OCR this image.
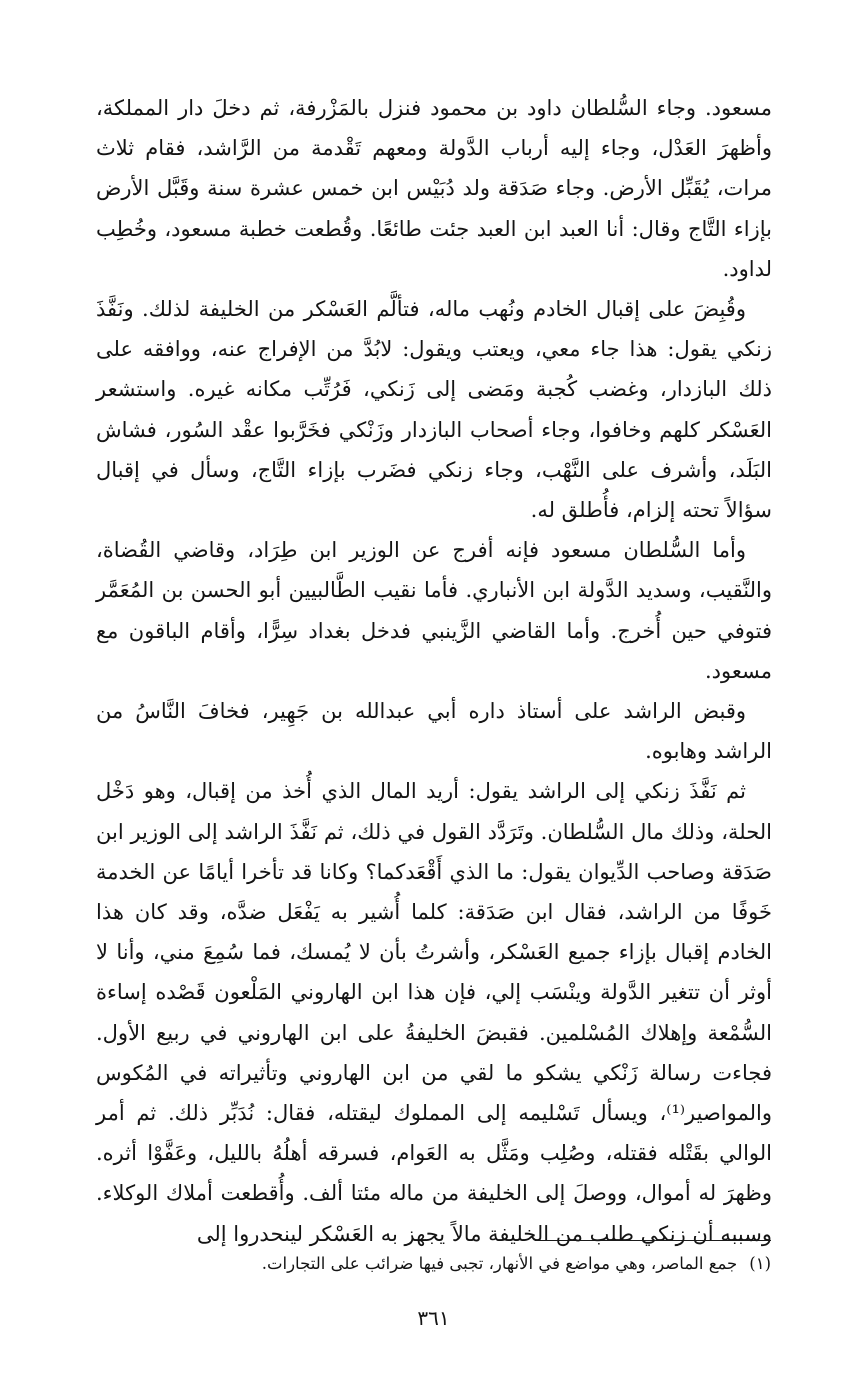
مسعود. وجاء السُّلطان داود بن محمود فنزل بالمَزْرفة، ثم دخلَ دار المملكة، وأظهرَ العَدْل، وجاء إليه أرباب الدَّولة ومعهم تَقْدمة من الرَّاشد، فقام ثلاث مرات، يُقَبِّل الأرض. وجاء صَدَقة ولد دُبَيْس ابن خمس عشرة سنة وقَبَّل الأرض بإزاء التَّاج وقال: أنا العبد ابن العبد جئت طائعًا. وقُطعت خطبة مسعود، وخُطِب لداود.

وقُبِضَ على إقبال الخادم ونُهب ماله، فتألَّم العَسْكر من الخليفة لذلك. ونَفَّذَ زنكي يقول: هذا جاء معي، ويعتب ويقول: لابُدَّ من الإفراج عنه، ووافقه على ذلك البازدار، وغضب كُجبة ومَضى إلى زَنكي، فَرُتِّب مكانه غيره. واستشعر العَسْكر كلهم وخافوا، وجاء أصحاب البازدار وزَنْكي فخَرَّبوا عقْد السُور، فشاش البَلَد، وأشرف على النَّهْب، وجاء زنكي فضَرب بإزاء التَّاج، وسأل في إقبال سؤالاً تحته إلزام، فأُطلق له.

وأما السُّلطان مسعود فإنه أفرج عن الوزير ابن طِرَاد، وقاضي القُضاة، والنَّقيب، وسديد الدَّولة ابن الأنباري. فأما نقيب الطَّالبيين أبو الحسن بن المُعَمَّر فتوفي حين أُخرج. وأما القاضي الزَّينبي فدخل بغداد سِرًّا، وأقام الباقون مع مسعود.

وقبض الراشد على أستاذ داره أبي عبدالله بن جَهِير، فخافَ النَّاسُ من الراشد وهابوه.

ثم نَفَّذَ زنكي إلى الراشد يقول: أريد المال الذي أُخذ من إقبال، وهو دَخْل الحلة، وذلك مال السُّلطان. وتَرَدَّد القول في ذلك، ثم نَفَّذَ الراشد إلى الوزير ابن صَدَقة وصاحب الدِّيوان يقول: ما الذي أَقْعَدكما؟ وكانا قد تأخرا أيامًا عن الخدمة خَوفًا من الراشد، فقال ابن صَدَقة: كلما أُشير به يَفْعَل ضدَّه، وقد كان هذا الخادم إقبال بإزاء جميع العَسْكر، وأشرتُ بأن لا يُمسك، فما سُمِعَ مني، وأنا لا أوثر أن تتغير الدَّولة وينْسَب إلي، فإن هذا ابن الهاروني المَلْعون قَصْده إساءة السُّمْعة وإهلاك المُسْلمين. فقبضَ الخليفةُ على ابن الهاروني في ربيع الأول. فجاءت رسالة زَنْكي يشكو ما لقي من ابن الهاروني وتأثيراته في المُكوس والمواصير⁽¹⁾، ويسأل تَسْليمه إلى المملوك ليقتله، فقال: نُدَبِّر ذلك. ثم أمر الوالي بقَتْله فقتله، وصُلِب ومَثَّل به العَوام، فسرقه أهلُهُ بالليل، وعَفَّوْا أثره. وظهرَ له أموال، ووصلَ إلى الخليفة من ماله مئتا ألف. وأُقطعت أملاك الوكلاء. وسببه أن زنكي طلب من الخليفة مالاً يجهز به العَسْكر لينحدروا إلى

(١)جمع الماصر، وهي مواضع في الأنهار، تجبى فيها ضرائب على التجارات.
٣٦١
